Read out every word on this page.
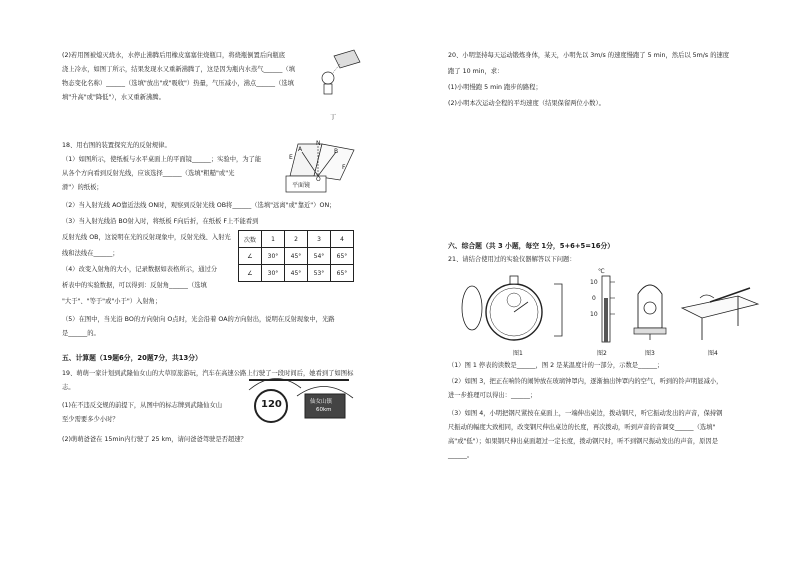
(2)若用图被熄灭烧水，水停止沸腾后用橡皮塞塞住烧瓶口，将烧瓶倒置后向瓶底
浇上冷水，如图丁所示，结果发现水又重新沸腾了，这是因为瓶内水蒸气______（填
物态变化名称）______（选填"放出"或"吸收"）热量，气压减小，沸点______（选填
填"升高"或"降低"），水又重新沸腾。
18、用右图的装置探究光的反射规律。
（1）如图所示，使纸板与水平桌面上的平面镜______；实验中，为了能
从各个方向看到反射光线，应该选择______（选填"粗糙"或"光
滑"）的纸板；
（2）当入射光线 AO靠近法线 ON时，观察到反射光线 OB将______（选填"远离"或"靠近"）ON；
（3）当入射光线沿 BO射入时，将纸板 F向后折，在纸板 F上不能看到
反射光线 OB，这说明在光的反射现象中，反射光线、入射光
线和法线在______；
（4）改变入射角的大小，记录数据如表格所示，通过分
析表中的实验数据，可以得到：反射角______（选填
"大于"、"等于"或"小于"）入射角；
（5）在图中，当光沿 BO的方向射向 O点时，光会沿着 OA的方向射出，说明在反射现象中，光路
是______的。
五、计算题（19题6分，20题7分，共13分）
19、萌萌一家计划到武隆仙女山的大草原旅游玩，汽车在高速公路上行驶了一段时间后，她看到了如图标
志。
(1)在不违反交规的前提下，从图中的标志牌到武隆仙女山
至少需要多少小时？
(2)萌萌爸爸在 15min内行驶了 25 km，请问爸爸驾驶是否超速？
丁
E
N
F
A	B
O
平面镜
次数	1	2	3	4
∠	30°	45°	54°	65°
∠	30°	45°	53°	65°
120	仙女山镇
60km
20、小明坚持每天运动锻炼身体，某天，小明先以 3m/s 的速度慢跑了 5 min，然后以 5m/s 的速度
跑了 10 min，求：
(1)小明慢跑 5 min 跑步的路程；
(2)小明本次运动全程的平均速度（结果保留两位小数）。
六、综合题（共 3 小题，每空 1分，5+6+5=16分）
21、请结合使用过的实验仪器解答以下问题：
（1）图 1 停表的读数是______，图 2 是某温度计的一部分，示数是______；
（2）如图 3，把正在响铃的闹钟放在玻璃钟罩内，逐渐抽出钟罩内的空气，听到的铃声明显减小，
进一步推理可以得出：______；
（3）如图 4，小明把钢尺紧按在桌面上，一端伸出桌边，拨动钢尺，听它振动发出的声音，保持钢
尺振动的幅度大致相同，改变钢尺伸出桌边的长度，再次拨动，听到声音的音调变______（选填"
高"或"低"）；如果钢尺伸出桌面超过一定长度，拨动钢尺时，听不到钢尺振动发出的声音，原因是
______。
℃
10
0
10
图1	图2	图3	图4
